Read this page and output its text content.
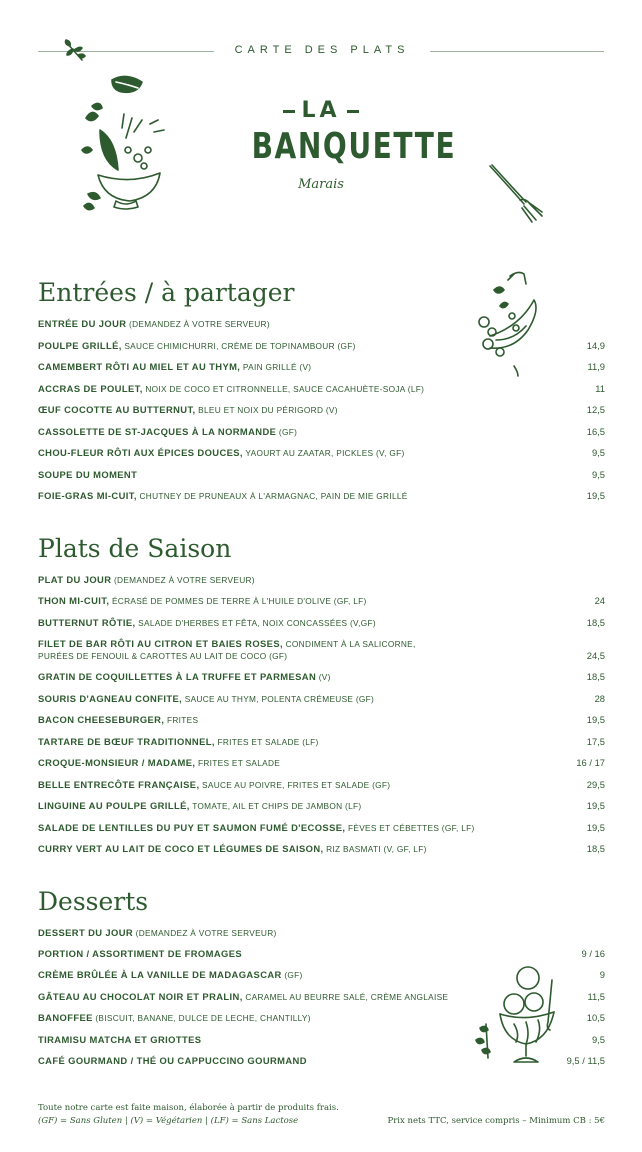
CARTE DES PLATS
LA
BANQUETTE
Marais
Entrées / à partager
ENTRÉE DU JOUR (DEMANDEZ À VOTRE SERVEUR)
POULPE GRILLÉ, SAUCE CHIMICHURRI, CRÈME DE TOPINAMBOUR (GF)	14,9
CAMEMBERT RÔTI AU MIEL ET AU THYM, PAIN GRILLÉ (V)	11,9
ACCRAS DE POULET, NOIX DE COCO ET CITRONNELLE, SAUCE CACAHUÈTE-SOJA (LF)	11
ŒUF COCOTTE AU BUTTERNUT, BLEU ET NOIX DU PÉRIGORD (V)	12,5
CASSOLETTE DE ST-JACQUES À LA NORMANDE (GF)	16,5
CHOU-FLEUR RÔTI AUX ÉPICES DOUCES, YAOURT AU ZAATAR, PICKLES (V, GF)	9,5
SOUPE DU MOMENT	9,5
FOIE-GRAS MI-CUIT, CHUTNEY DE PRUNEAUX À L'ARMAGNAC, PAIN DE MIE GRILLÉ	19,5
Plats de Saison
PLAT DU JOUR (DEMANDEZ À VOTRE SERVEUR)
THON MI-CUIT, ÉCRASÉ DE POMMES DE TERRE À L'HUILE D'OLIVE (GF, LF)	24
BUTTERNUT RÔTIE, SALADE D'HERBES ET FÊTA, NOIX CONCASSÉES (V,GF)	18,5
FILET DE BAR RÔTI AU CITRON ET BAIES ROSES, CONDIMENT À LA SALICORNE,
PURÉES DE FENOUIL & CAROTTES AU LAIT DE COCO (GF)	24,5
GRATIN DE COQUILLETTES À LA TRUFFE ET PARMESAN (V)	18,5
SOURIS D'AGNEAU CONFITE, SAUCE AU THYM, POLENTA CRÉMEUSE (GF)	28
BACON CHEESEBURGER, FRITES	19,5
TARTARE DE BŒUF TRADITIONNEL, FRITES ET SALADE (LF)	17,5
CROQUE-MONSIEUR / MADAME, FRITES ET SALADE	16 / 17
BELLE ENTRECÔTE FRANÇAISE, SAUCE AU POIVRE, FRITES ET SALADE (GF)	29,5
LINGUINE AU POULPE GRILLÉ, TOMATE, AIL ET CHIPS DE JAMBON (LF)	19,5
SALADE DE LENTILLES DU PUY ET SAUMON FUMÉ D'ECOSSE, FÈVES ET CÉBETTES (GF, LF)	19,5
CURRY VERT AU LAIT DE COCO ET LÉGUMES DE SAISON, RIZ BASMATI (V, GF, LF)	18,5
Desserts
DESSERT DU JOUR (DEMANDEZ À VOTRE SERVEUR)
PORTION / ASSORTIMENT DE FROMAGES	9 / 16
CRÈME BRÛLÉE À LA VANILLE DE MADAGASCAR (GF)	9
GÂTEAU AU CHOCOLAT NOIR ET PRALIN, CARAMEL AU BEURRE SALÉ, CRÈME ANGLAISE	11,5
BANOFFEE (BISCUIT, BANANE, DULCE DE LECHE, CHANTILLY)	10,5
TIRAMISU MATCHA ET GRIOTTES	9,5
CAFÉ GOURMAND / THÉ OU CAPPUCCINO GOURMAND	9,5 / 11,5
Toute notre carte est faite maison, élaborée à partir de produits frais.
(GF) = Sans Gluten | (V) = Végétarien | (LF) = Sans Lactose	Prix nets TTC, service compris – Minimum CB : 5€
